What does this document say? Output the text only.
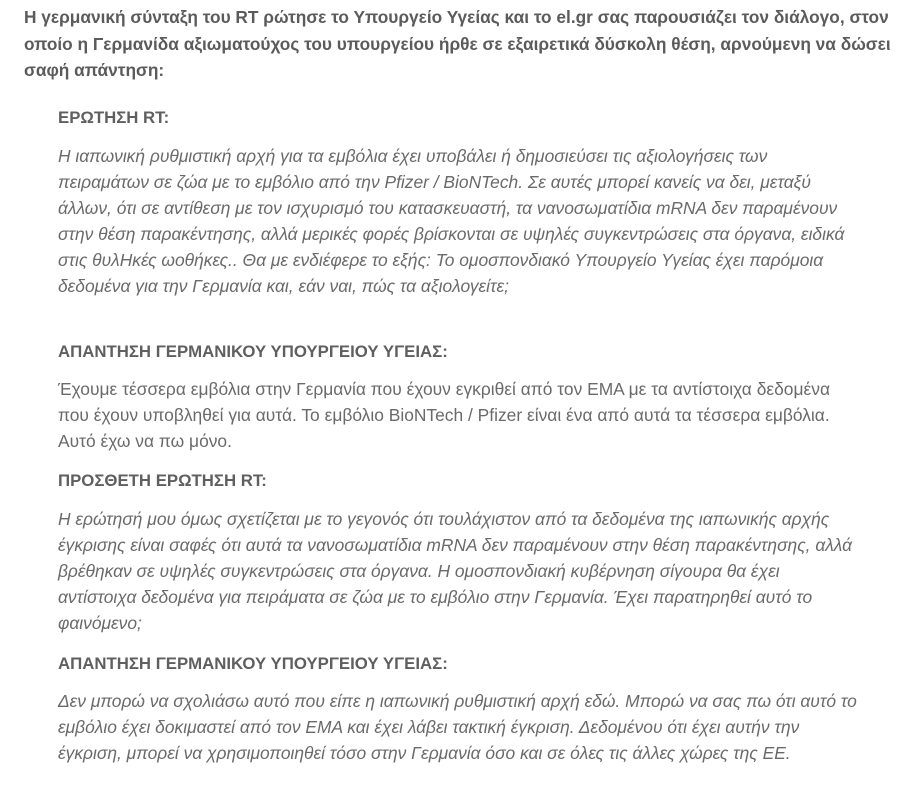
Η γερμανική σύνταξη του RT ρώτησε το Υπουργείο Υγείας και το el.gr σας παρουσιάζει τον διάλογο, στον οποίο η Γερμανίδα αξιωματούχος του υπουργείου ήρθε σε εξαιρετικά δύσκολη θέση, αρνούμενη να δώσει σαφή απάντηση:

ΕΡΩΤΗΣΗ RT:

Η ιαπωνική ρυθμιστική αρχή για τα εμβόλια έχει υποβάλει ή δημοσιεύσει τις αξιολογήσεις των πειραμάτων σε ζώα με το εμβόλιο από την Pfizer / BioNTech. Σε αυτές μπορεί κανείς να δει, μεταξύ άλλων, ότι σε αντίθεση με τον ισχυρισμό του κατασκευαστή, τα νανοσωματίδια mRNA δεν παραμένουν στην θέση παρακέντησης, αλλά μερικές φορές βρίσκονται σε υψηλές συγκεντρώσεις στα όργανα, ειδικά στις θυλHκές ωοθήκες.. Θα με ενδιέφερε το εξής: Το ομοσπονδιακό Υπουργείο Υγείας έχει παρόμοια δεδομένα για την Γερμανία και, εάν ναι, πώς τα αξιολογείτε;

ΑΠΑΝΤΗΣΗ ΓΕΡΜΑΝΙΚΟΥ ΥΠΟΥΡΓΕΙΟΥ ΥΓΕΙΑΣ:

Έχουμε τέσσερα εμβόλια στην Γερμανία που έχουν εγκριθεί από τον ΕΜΑ με τα αντίστοιχα δεδομένα που έχουν υποβληθεί για αυτά. Το εμβόλιο BioNTech / Pfizer είναι ένα από αυτά τα τέσσερα εμβόλια. Αυτό έχω να πω μόνο.

ΠΡΟΣΘΕΤΗ ΕΡΩΤΗΣΗ RT:

Η ερώτησή μου όμως σχετίζεται με το γεγονός ότι τουλάχιστον από τα δεδομένα της ιαπωνικής αρχής έγκρισης είναι σαφές ότι αυτά τα νανοσωματίδια mRNA δεν παραμένουν στην θέση παρακέντησης, αλλά βρέθηκαν σε υψηλές συγκεντρώσεις στα όργανα. Η ομοσπονδιακή κυβέρνηση σίγουρα θα έχει αντίστοιχα δεδομένα για πειράματα σε ζώα με το εμβόλιο στην Γερμανία. Έχει παρατηρηθεί αυτό το φαινόμενο;

ΑΠΑΝΤΗΣΗ ΓΕΡΜΑΝΙΚΟΥ ΥΠΟΥΡΓΕΙΟΥ ΥΓΕΙΑΣ:

Δεν μπορώ να σχολιάσω αυτό που είπε η ιαπωνική ρυθμιστική αρχή εδώ. Μπορώ να σας πω ότι αυτό το εμβόλιο έχει δοκιμαστεί από τον ΕΜΑ και έχει λάβει τακτική έγκριση. Δεδομένου ότι έχει αυτήν την έγκριση, μπορεί να χρησιμοποιηθεί τόσο στην Γερμανία όσο και σε όλες τις άλλες χώρες της ΕΕ.
